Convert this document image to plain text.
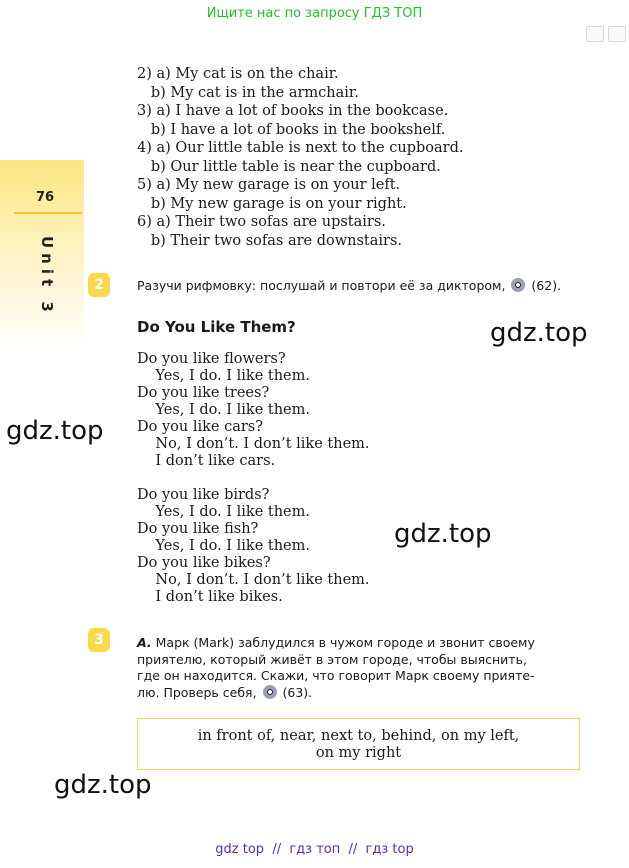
Ищите нас по запросу ГДЗ ТОП
76
Unit 3
2) a) My cat is on the chair.
b) My cat is in the armchair.
3) a) I have a lot of books in the bookcase.
b) I have a lot of books in the bookshelf.
4) a) Our little table is next to the cupboard.
b) Our little table is near the cupboard.
5) a) My new garage is on your left.
b) My new garage is on your right.
6) a) Their two sofas are upstairs.
b) Their two sofas are downstairs.
2	Разучи рифмовку: послушай и повтори её за диктором, (62).
Do You Like Them?
Do you like flowers?
Yes, I do. I like them.
Do you like trees?
Yes, I do. I like them.
Do you like cars?
No, I don’t. I don’t like them.
I don’t like cars.
Do you like birds?
Yes, I do. I like them.
Do you like fish?
Yes, I do. I like them.
Do you like bikes?
No, I don’t. I don’t like them.
I don’t like bikes.
3	A. Марк (Mark) заблудился в чужом городе и звонит своему
приятелю, который живёт в этом городе, чтобы выяснить,
где он находится. Скажи, что говорит Марк своему прияте-
лю. Проверь себя, (63).
in front of, near, next to, behind, on my left,
on my right
gdz.top
gdz.top
gdz.top
gdz.top
gdz top  //  гдз топ  //  гдз top
